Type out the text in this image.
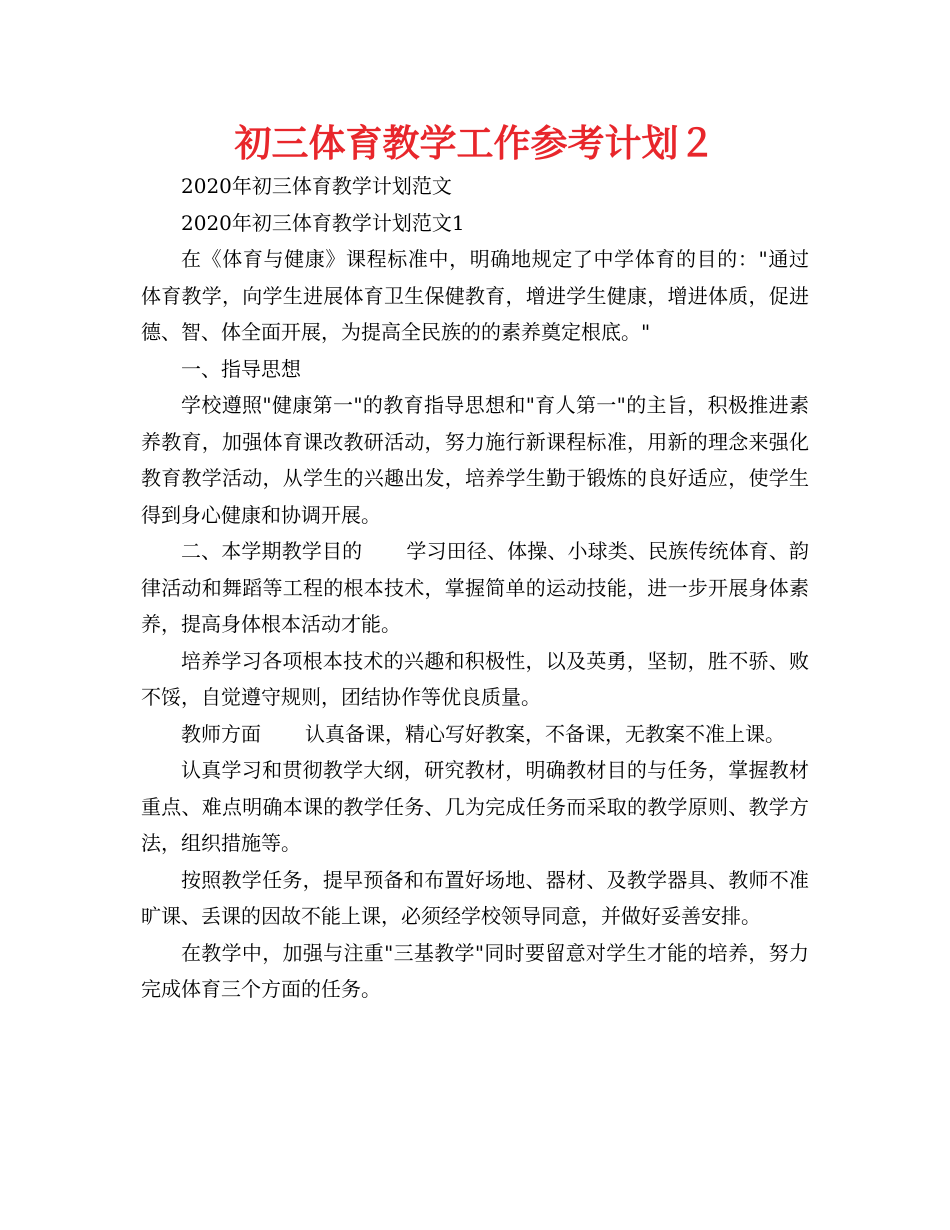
初三体育教学工作参考计划２

2020年初三体育教学计划范文

2020年初三体育教学计划范文1

在《体育与健康》课程标准中，明确地规定了中学体育的目的："通过体育教学，向学生进展体育卫生保健教育，增进学生健康，增进体质，促进德、智、体全面开展，为提高全民族的的素养奠定根底。"

一、指导思想

学校遵照"健康第一"的教育指导思想和"育人第一"的主旨，积极推进素养教育，加强体育课改教研活动，努力施行新课程标准，用新的理念来强化教育教学活动，从学生的兴趣出发，培养学生勤于锻炼的良好适应，使学生得到身心健康和协调开展。

二、本学期教学目的 学习田径、体操、小球类、民族传统体育、韵律活动和舞蹈等工程的根本技术，掌握简单的运动技能，进一步开展身体素养，提高身体根本活动才能。

培养学习各项根本技术的兴趣和积极性，以及英勇，坚韧，胜不骄、败不馁，自觉遵守规则，团结协作等优良质量。

教师方面 认真备课，精心写好教案，不备课，无教案不准上课。

认真学习和贯彻教学大纲，研究教材，明确教材目的与任务，掌握教材重点、难点明确本课的教学任务、几为完成任务而采取的教学原则、教学方法，组织措施等。

按照教学任务，提早预备和布置好场地、器材、及教学器具、教师不准旷课、丢课的因故不能上课，必须经学校领导同意，并做好妥善安排。

在教学中，加强与注重"三基教学"同时要留意对学生才能的培养，努力完成体育三个方面的任务。
